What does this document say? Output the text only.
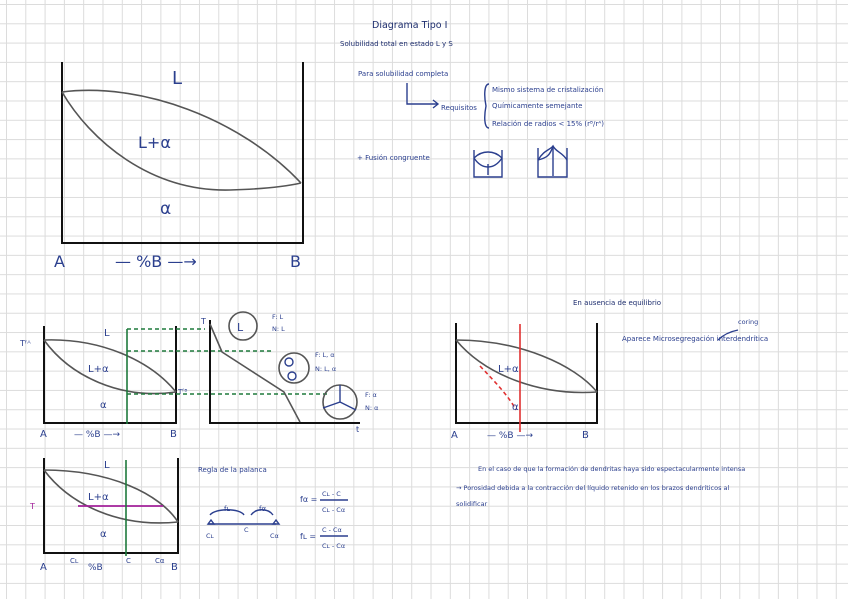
Diagrama Tipo I
Solubilidad total en estado L y S
L
L+α
α
A	— %B —→	B
Para solubilidad completa
Requisitos
Mismo sistema de cristalización
Químicamente semejante
Relación de radios < 15% (rᴮ/rᴬ)
+ Fusión congruente
Tᶠᴬ
Tᶠᴮ
L
L+α
α
A	— %B —→	B
T
t
L
F: L
N: L
F: L, α
N: L, α
F: α
N: α
T
L
L+α
α
Cʟ	C	Cα
A	%B	B
Regla de la palanca
fʟ	fα
Cʟ
C
Cα
fα =
Cʟ - C
Cʟ - Cα
fʟ =
C - Cα
Cʟ - Cα
En ausencia de equilibrio
coring
Aparece Microsegregación interdendrítica
L+α
α
A	— %B —→	B
En el caso de que la formación de dendritas haya sido espectacularmente intensa
→ Porosidad debida a la contracción del líquido retenido en los brazos dendríticos al
solidificar
